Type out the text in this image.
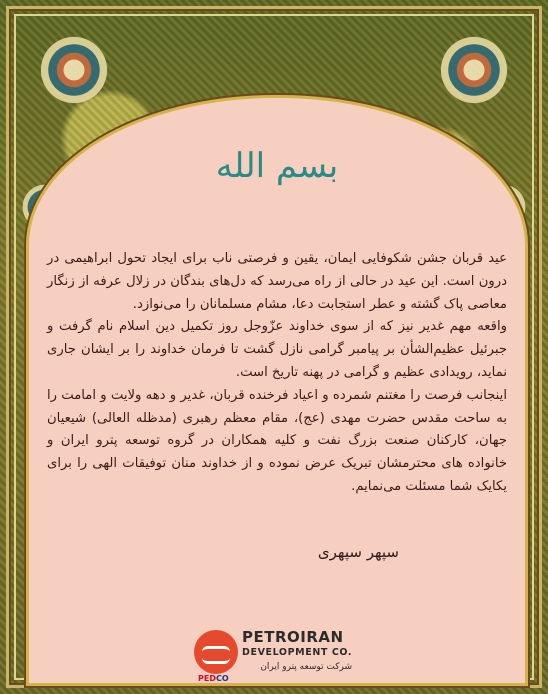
بسم الله

عید قربان جشن شکوفایی ایمان، یقین و فرصتی ناب برای ایجاد تحول ابراهیمی در درون است. این عید در حالی از راه می‌رسد که دل‌های بندگان در زلال عرفه از زنگار معاصی پاک گشته و عطر استجابت دعا، مشام مسلمانان را می‌نوازد.

واقعه مهم غدیر نیز که از سوی خداوند عزّوجل روز تکمیل دین اسلام نام گرفت و جبرئیل عظیم‌الشأن بر پیامبر گرامی نازل گشت تا فرمان خداوند را بر ایشان جاری نماید، رویدادی عظیم و گرامی در پهنه تاریخ است.

اینجانب فرصت را مغتنم شمرده و اعیاد فرخنده قربان، غدیر و دهه ولایت و امامت را به ساحت مقدس حضرت مهدی (عج)، مقام معظم رهبری (مدظله العالی) شیعیان جهان، کارکنان صنعت بزرگ نفت و کلیه همکاران در گروه توسعه پترو ایران و خانواده های محترمشان تبریک عرض نموده و از خداوند منان توفیقات الهی را برای یکایک شما مسئلت می‌نمایم.

سپهر سپهری
PEDCO
PETROIRAN
DEVELOPMENT CO.
شرکت توسعه پترو ایران
